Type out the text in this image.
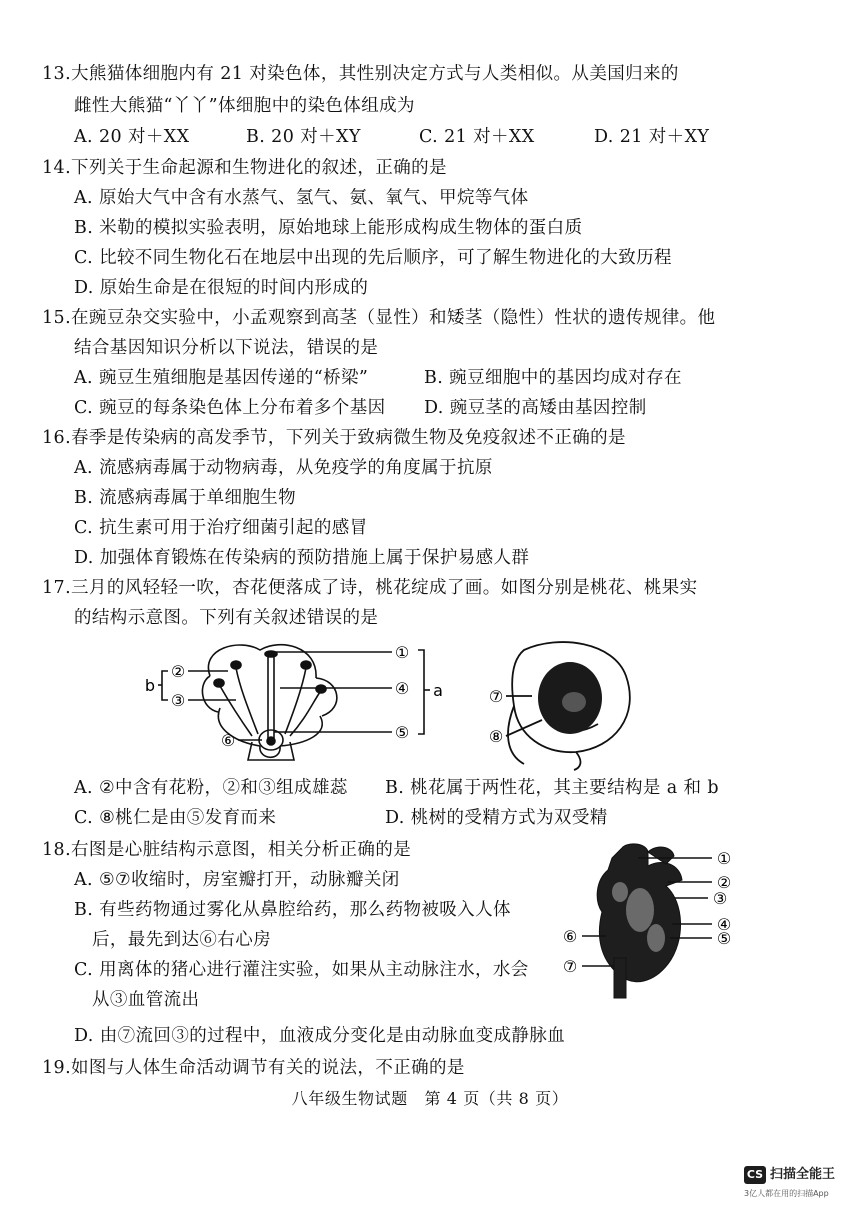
13.大熊猫体细胞内有 21 对染色体，其性别决定方式与人类相似。从美国归来的
雌性大熊猫“丫丫”体细胞中的染色体组成为
A. 20 对＋XX	B. 20 对＋XY	C. 21 对＋XX	D. 21 对＋XY
14.下列关于生命起源和生物进化的叙述，正确的是
A. 原始大气中含有水蒸气、氢气、氨、氧气、甲烷等气体
B. 米勒的模拟实验表明，原始地球上能形成构成生物体的蛋白质
C. 比较不同生物化石在地层中出现的先后顺序，可了解生物进化的大致历程
D. 原始生命是在很短的时间内形成的
15.在豌豆杂交实验中，小孟观察到高茎（显性）和矮茎（隐性）性状的遗传规律。他
结合基因知识分析以下说法，错误的是
A. 豌豆生殖细胞是基因传递的“桥梁”	B. 豌豆细胞中的基因均成对存在
C. 豌豆的每条染色体上分布着多个基因 D. 豌豆茎的高矮由基因控制
16.春季是传染病的高发季节，下列关于致病微生物及免疫叙述不正确的是
A. 流感病毒属于动物病毒，从免疫学的角度属于抗原
B. 流感病毒属于单细胞生物
C. 抗生素可用于治疗细菌引起的感冒
D. 加强体育锻炼在传染病的预防措施上属于保护易感人群
17.三月的风轻轻一吹，杏花便落成了诗，桃花绽成了画。如图分别是桃花、桃果实
的结构示意图。下列有关叙述错误的是
②
③
①
④
⑤
⑥
a
b
⑦
⑧
A. ②中含有花粉，②和③组成雄蕊 B. 桃花属于两性花，其主要结构是 a 和 b
C. ⑧桃仁是由⑤发育而来	D. 桃树的受精方式为双受精
18.右图是心脏结构示意图，相关分析正确的是
A. ⑤⑦收缩时，房室瓣打开，动脉瓣关闭
B. 有些药物通过雾化从鼻腔给药，那么药物被吸入人体
后，最先到达⑥右心房
C. 用离体的猪心进行灌注实验，如果从主动脉注水，水会
从③血管流出
D. 由⑦流回③的过程中，血液成分变化是由动脉血变成静脉血
①
②
③
④
⑤
⑥
⑦
19.如图与人体生命活动调节有关的说法，不正确的是
八年级生物试题　第 4 页（共 8 页）
CS 扫描全能王
3亿人都在用的扫描App
